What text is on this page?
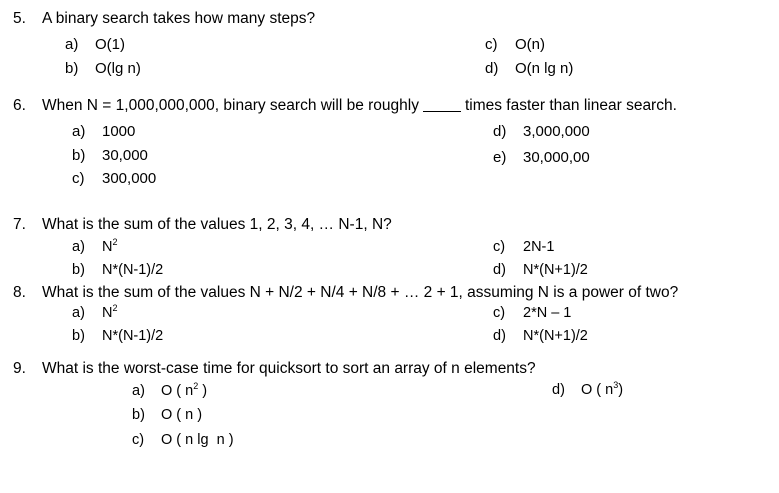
5. A binary search takes how many steps?
a) O(1)
b) O(lg n)
c) O(n)
d) O(n lg n)
6. When N = 1,000,000,000, binary search will be roughly	times faster than linear search.
a) 1000
b) 30,000
c) 300,000
d) 3,000,000
e) 30,000,00
7. What is the sum of the values 1, 2, 3, 4, … N-1, N?
a) $N^2$
b) N*(N-1)/2
c) 2N-1
d) N*(N+1)/2
8. What is the sum of the values N + N/2 + N/4 + N/8 + … 2 + 1, assuming N is a power of two?
a) $N^2$
b) N*(N-1)/2
c) 2*N – 1
d) N*(N+1)/2
9. What is the worst-case time for quicksort to sort an array of n elements?
a) O ( $n^2$ )
b) O ( n )
c) O ( n lg  n )
d) O ( $n^3$)
